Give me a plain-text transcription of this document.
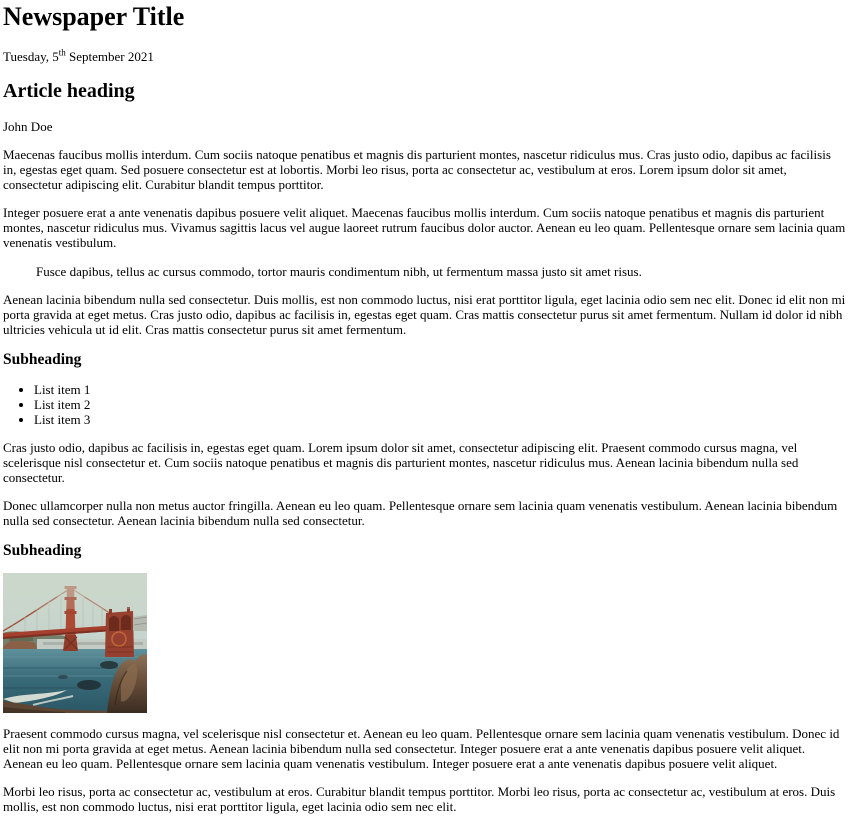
Newspaper Title

Tuesday, 5th September 2021

Article heading

John Doe

Maecenas faucibus mollis interdum. Cum sociis natoque penatibus et magnis dis parturient montes, nascetur ridiculus mus. Cras justo odio, dapibus ac facilisis in, egestas eget quam. Sed posuere consectetur est at lobortis. Morbi leo risus, porta ac consectetur ac, vestibulum at eros. Lorem ipsum dolor sit amet, consectetur adipiscing elit. Curabitur blandit tempus porttitor.

Integer posuere erat a ante venenatis dapibus posuere velit aliquet. Maecenas faucibus mollis interdum. Cum sociis natoque penatibus et magnis dis parturient montes, nascetur ridiculus mus. Vivamus sagittis lacus vel augue laoreet rutrum faucibus dolor auctor. Aenean eu leo quam. Pellentesque ornare sem lacinia quam venenatis vestibulum.

Fusce dapibus, tellus ac cursus commodo, tortor mauris condimentum nibh, ut fermentum massa justo sit amet risus.

Aenean lacinia bibendum nulla sed consectetur. Duis mollis, est non commodo luctus, nisi erat porttitor ligula, eget lacinia odio sem nec elit. Donec id elit non mi porta gravida at eget metus. Cras justo odio, dapibus ac facilisis in, egestas eget quam. Cras mattis consectetur purus sit amet fermentum. Nullam id dolor id nibh ultricies vehicula ut id elit. Cras mattis consectetur purus sit amet fermentum.

Subheading
• List item 1
• List item 2
• List item 3

Cras justo odio, dapibus ac facilisis in, egestas eget quam. Lorem ipsum dolor sit amet, consectetur adipiscing elit. Praesent commodo cursus magna, vel scelerisque nisl consectetur et. Cum sociis natoque penatibus et magnis dis parturient montes, nascetur ridiculus mus. Aenean lacinia bibendum nulla sed consectetur.

Donec ullamcorper nulla non metus auctor fringilla. Aenean eu leo quam. Pellentesque ornare sem lacinia quam venenatis vestibulum. Aenean lacinia bibendum nulla sed consectetur. Aenean lacinia bibendum nulla sed consectetur.

Subheading

Praesent commodo cursus magna, vel scelerisque nisl consectetur et. Aenean eu leo quam. Pellentesque ornare sem lacinia quam venenatis vestibulum. Donec id elit non mi porta gravida at eget metus. Aenean lacinia bibendum nulla sed consectetur. Integer posuere erat a ante venenatis dapibus posuere velit aliquet. Aenean eu leo quam. Pellentesque ornare sem lacinia quam venenatis vestibulum. Integer posuere erat a ante venenatis dapibus posuere velit aliquet.

Morbi leo risus, porta ac consectetur ac, vestibulum at eros. Curabitur blandit tempus porttitor. Morbi leo risus, porta ac consectetur ac, vestibulum at eros. Duis mollis, est non commodo luctus, nisi erat porttitor ligula, eget lacinia odio sem nec elit.
